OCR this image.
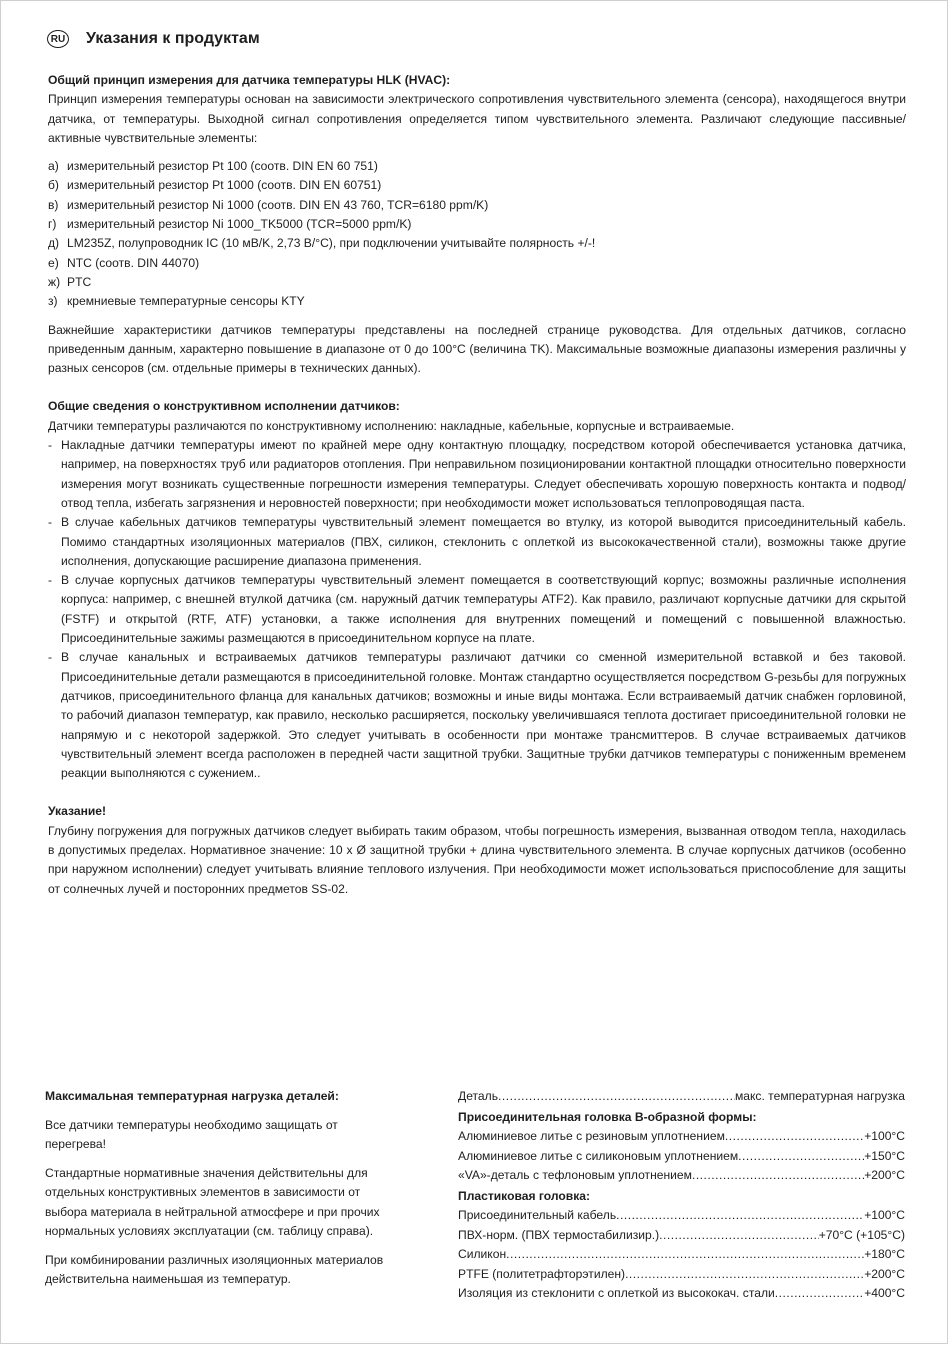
RU Указания к продуктам

Общий принцип измерения для датчика температуры HLK (HVAC):

Принцип измерения температуры основан на зависимости электрического сопротивления чувствительного элемента (сенсора), находящегося внутри датчика, от температуры. Выходной сигнал сопротивления определяется типом чувствительного элемента. Различают следующие пассивные/активные чувствительные элементы:

a) измерительный резистор Pt 100 (соотв. DIN EN 60 751)
б) измерительный резистор Pt 1000 (соотв. DIN EN 60751)
в) измерительный резистор Ni 1000 (соотв. DIN EN 43 760, TCR=6180 ppm/K)
г) измерительный резистор Ni 1000_TK5000 (TCR=5000 ppm/K)
д) LM235Z, полупроводник IC (10 мВ/K, 2,73 В/°C), при подключении учитывайте полярность +/-!
е) NTC (соотв. DIN 44070)
ж) PTC
з) кремниевые температурные сенсоры KTY

Важнейшие характеристики датчиков температуры представлены на последней странице руководства. Для отдельных датчиков, согласно приведенным данным, характерно повышение в диапазоне от 0 до 100°C (величина TK). Максимальные возможные диапазоны измерения различны у разных сенсоров (см. отдельные примеры в технических данных).

Общие сведения о конструктивном исполнении датчиков:

Датчики температуры различаются по конструктивному исполнению: накладные, кабельные, корпусные и встраиваемые.

- Накладные датчики температуры имеют по крайней мере одну контактную площадку, посредством которой обеспечивается установка датчика, например, на поверхностях труб или радиаторов отопления. При неправильном позиционировании контактной площадки относительно поверхности измерения могут возникать существенные погрешности измерения температуры. Следует обеспечивать хорошую поверхность контакта и подвод/отвод тепла, избегать загрязнения и неровностей поверхности; при необходимости может использоваться теплопроводящая паста.
- В случае кабельных датчиков температуры чувствительный элемент помещается во втулку, из которой выводится присоединительный кабель. Помимо стандартных изоляционных материалов (ПВХ, силикон, стеклонить с оплеткой из высококачественной стали), возможны также другие исполнения, допускающие расширение диапазона применения.
- В случае корпусных датчиков температуры чувствительный элемент помещается в соответствующий корпус; возможны различные исполнения корпуса: например, с внешней втулкой датчика (см. наружный датчик температуры ATF2). Как правило, различают корпусные датчики для скрытой (FSTF) и открытой (RTF, ATF) установки, а также исполнения для внутренних помещений и помещений с повышенной влажностью. Присоединительные зажимы размещаются в присоединительном корпусе на плате.
- В случае канальных и встраиваемых датчиков температуры различают датчики со сменной измерительной вставкой и без таковой. Присоединительные детали размещаются в присоединительной головке. Монтаж стандартно осуществляется посредством G-резьбы для погружных датчиков, присоединительного фланца для канальных датчиков; возможны и иные виды монтажа. Если встраиваемый датчик снабжен горловиной, то рабочий диапазон температур, как правило, несколько расширяется, поскольку увеличившаяся теплота достигает присоединительной головки не напрямую и с некоторой задержкой. Это следует учитывать в особенности при монтаже трансмиттеров. В случае встраиваемых датчиков чувствительный элемент всегда расположен в передней части защитной трубки. Защитные трубки датчиков температуры с пониженным временем реакции выполняются с сужением..

Указание!

Глубину погружения для погружных датчиков следует выбирать таким образом, чтобы погрешность измерения, вызванная отводом тепла, находилась в допустимых пределах. Нормативное значение: 10 х Ø защитной трубки + длина чувствительного элемента. В случае корпусных датчиков (особенно при наружном исполнении) следует учитывать влияние теплового излучения. При необходимости может использоваться приспособление для защиты от солнечных лучей и посторонних предметов SS-02.

Максимальная температурная нагрузка деталей:

Все датчики температуры необходимо защищать от перегрева!

Стандартные нормативные значения действительны для отдельных конструктивных элементов в зависимости от выбора материала в нейтральной атмосфере и при прочих нормальных условиях эксплуатации (см. таблицу справа).

При комбинировании различных изоляционных материалов действительна наименьшая из температур.

Деталь .....	макс. температурная нагрузка
Присоединительная головка B-образной формы:
Алюминиевое литье с резиновым уплотнением .....	+100°C
Алюминиевое литье с силиконовым уплотнением .....	+150°C
«VA»-деталь с тефлоновым уплотнением .....	+200°C
Пластиковая головка:
Присоединительный кабель .....	+100°C
ПВХ-норм. (ПВХ термостабилизир.) .....	+70°C (+105°C)
Силикон .....	+180°C
PTFE (политетрафторэтилен) .....	+200°C
Изоляция из стеклонити с оплеткой из высококач. стали .....	+400°C
